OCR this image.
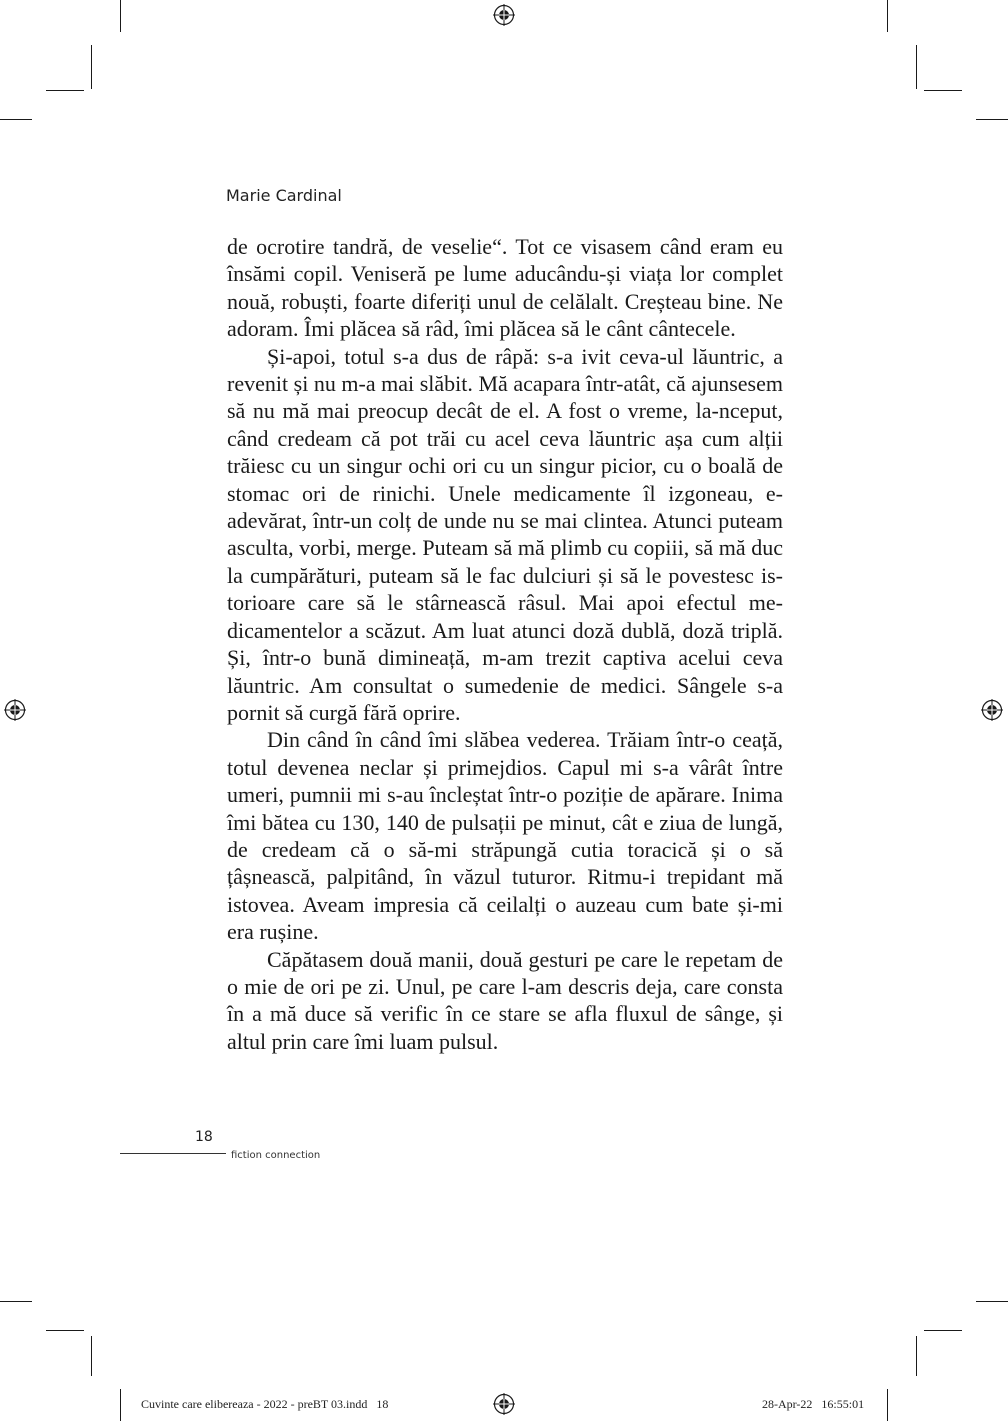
Marie Cardinal

de ocrotire tandră, de veselie“. Tot ce visasem când eram eu însămi copil. Veniseră pe lume aducându-și viața lor complet nouă, robuști, foarte diferiți unul de celălalt. Creșteau bine. Ne adoram. Îmi plăcea să râd, îmi plăcea să le cânt cântecele.

Și-apoi, totul s-a dus de râpă: s-a ivit ceva-ul lăuntric, a revenit și nu m-a mai slăbit. Mă acapara într-atât, că ajunsesem să nu mă mai preocup decât de el. A fost o vreme, la-nceput, când credeam că pot trăi cu acel ceva lăuntric așa cum alții trăiesc cu un singur ochi ori cu un singur picior, cu o boală de stomac ori de rinichi. Unele medicamente îl izgoneau, e-adevărat, într-un colț de unde nu se mai clintea. Atunci puteam asculta, vorbi, merge. Puteam să mă plimb cu copiii, să mă duc la cumpărături, puteam să le fac dulciuri și să le povestesc istorioare care să le stârnească râsul. Mai apoi efectul medicamentelor a scăzut. Am luat atunci doză dublă, doză triplă. Și, într-o bună dimineață, m-am trezit captiva acelui ceva lăuntric. Am consultat o sumedenie de medici. Sângele s-a pornit să curgă fără oprire.

Din când în când îmi slăbea vederea. Trăiam într-o ceață, totul devenea neclar și primejdios. Capul mi s-a vârât între umeri, pumnii mi s-au încleștat într-o poziție de apărare. Inima îmi bătea cu 130, 140 de pulsații pe minut, cât e ziua de lungă, de credeam că o să-mi străpungă cutia toracică și o să țâșnească, palpitând, în văzul tuturor. Ritmu-i trepidant mă istovea. Aveam impresia că ceilalți o auzeau cum bate și-mi era rușine.

Căpătasem două manii, două gesturi pe care le repetam de o mie de ori pe zi. Unul, pe care l-am descris deja, care consta în a mă duce să verific în ce stare se afla fluxul de sânge, și altul prin care îmi luam pulsul.

18
fiction connection
Cuvinte care elibereaza - 2022 - preBT 03.indd   18	28-Apr-22   16:55:01
